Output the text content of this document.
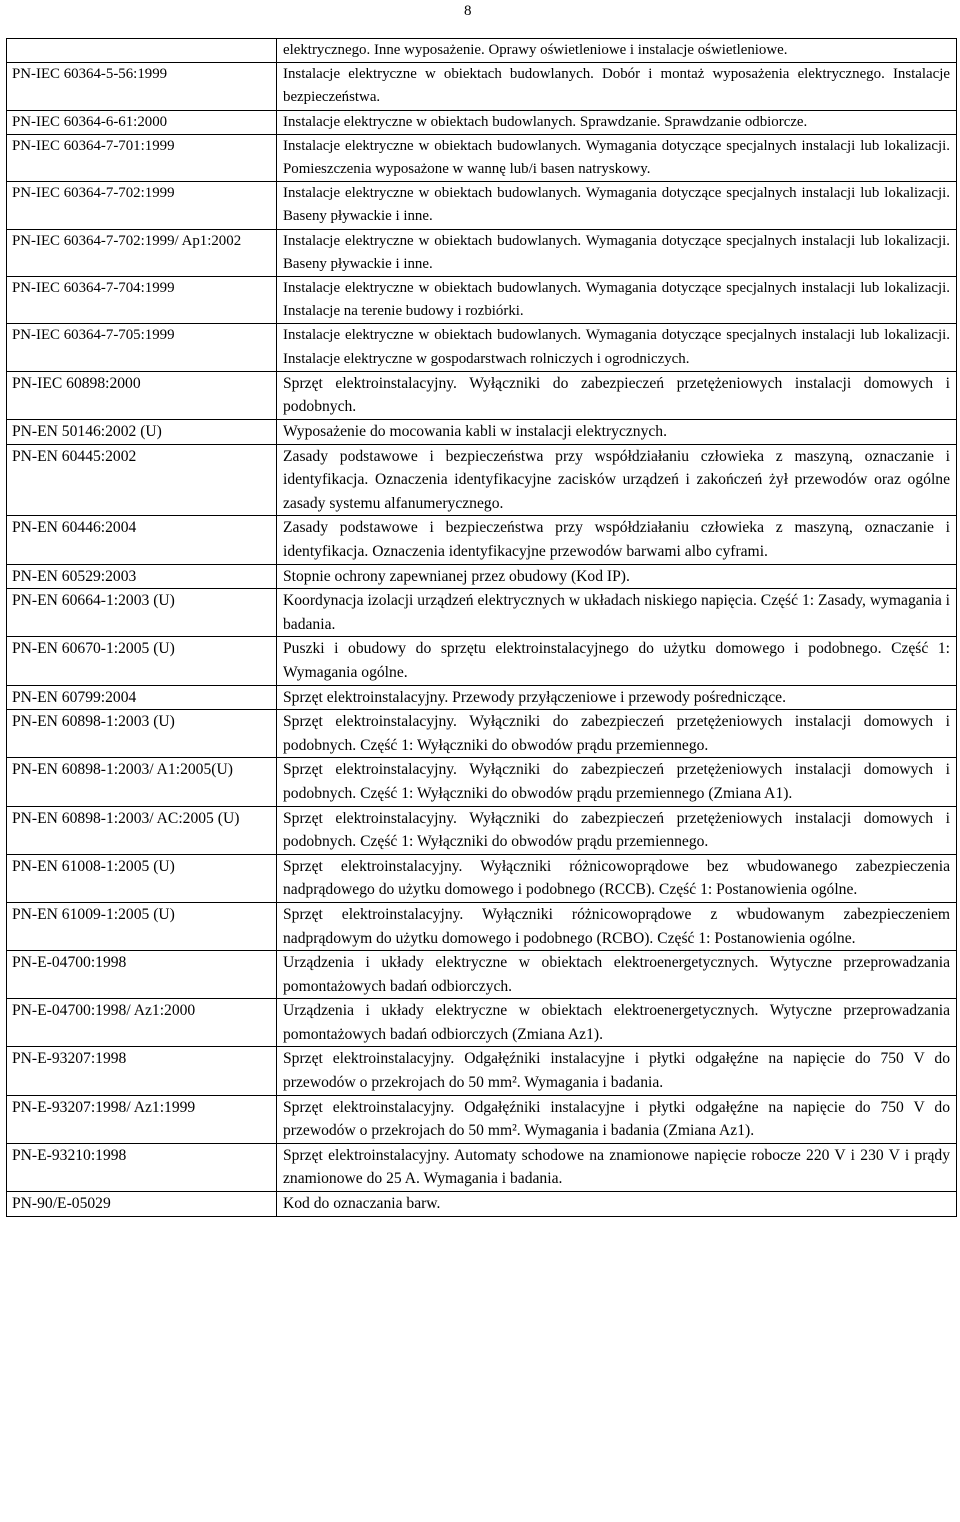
8
	elektrycznego. Inne wyposażenie. Oprawy oświetleniowe i instalacje oświetleniowe.
PN-IEC 60364-5-56:1999	Instalacje elektryczne w obiektach budowlanych. Dobór i montaż wyposażenia elektrycznego. Instalacje bezpieczeństwa.
PN-IEC 60364-6-61:2000	Instalacje elektryczne w obiektach budowlanych. Sprawdzanie. Sprawdzanie odbiorcze.
PN-IEC 60364-7-701:1999	Instalacje elektryczne w obiektach budowlanych. Wymagania dotyczące specjalnych instalacji lub lokalizacji. Pomieszczenia wyposażone w wannę lub/i basen natryskowy.
PN-IEC 60364-7-702:1999	Instalacje elektryczne w obiektach budowlanych. Wymagania dotyczące specjalnych instalacji lub lokalizacji. Baseny pływackie i inne.
PN-IEC 60364-7-702:1999/ Ap1:2002	Instalacje elektryczne w obiektach budowlanych. Wymagania dotyczące specjalnych instalacji lub lokalizacji. Baseny pływackie i inne.
PN-IEC 60364-7-704:1999	Instalacje elektryczne w obiektach budowlanych. Wymagania dotyczące specjalnych instalacji lub lokalizacji. Instalacje na terenie budowy i rozbiórki.
PN-IEC 60364-7-705:1999	Instalacje elektryczne w obiektach budowlanych. Wymagania dotyczące specjalnych instalacji lub lokalizacji. Instalacje elektryczne w gospodarstwach rolniczych i ogrodniczych.
PN-IEC 60898:2000	Sprzęt elektroinstalacyjny. Wyłączniki do zabezpieczeń przetężeniowych instalacji domowych i podobnych.
PN-EN 50146:2002 (U)	Wyposażenie do mocowania kabli w instalacji elektrycznych.
PN-EN 60445:2002	Zasady podstawowe i bezpieczeństwa przy współdziałaniu człowieka z maszyną, oznaczanie i identyfikacja. Oznaczenia identyfikacyjne zacisków urządzeń i zakończeń żył przewodów oraz ogólne zasady systemu alfanumerycznego.
PN-EN 60446:2004	Zasady podstawowe i bezpieczeństwa przy współdziałaniu człowieka z maszyną, oznaczanie i identyfikacja. Oznaczenia identyfikacyjne przewodów barwami albo cyframi.
PN-EN 60529:2003	Stopnie ochrony zapewnianej przez obudowy (Kod IP).
PN-EN 60664-1:2003 (U)	Koordynacja izolacji urządzeń elektrycznych w układach niskiego napięcia. Część 1: Zasady, wymagania i badania.
PN-EN 60670-1:2005 (U)	Puszki i obudowy do sprzętu elektroinstalacyjnego do użytku domowego i podobnego. Część 1: Wymagania ogólne.
PN-EN 60799:2004	Sprzęt elektroinstalacyjny. Przewody przyłączeniowe i przewody pośredniczące.
PN-EN 60898-1:2003 (U)	Sprzęt elektroinstalacyjny. Wyłączniki do zabezpieczeń przetężeniowych instalacji domowych i podobnych. Część 1: Wyłączniki do obwodów prądu przemiennego.
PN-EN 60898-1:2003/ A1:2005(U)	Sprzęt elektroinstalacyjny. Wyłączniki do zabezpieczeń przetężeniowych instalacji domowych i podobnych. Część 1: Wyłączniki do obwodów prądu przemiennego (Zmiana A1).
PN-EN 60898-1:2003/ AC:2005 (U)	Sprzęt elektroinstalacyjny. Wyłączniki do zabezpieczeń przetężeniowych instalacji domowych i podobnych. Część 1: Wyłączniki do obwodów prądu przemiennego.
PN-EN 61008-1:2005 (U)	Sprzęt elektroinstalacyjny. Wyłączniki różnicowoprądowe bez wbudowanego zabezpieczenia nadprądowego do użytku domowego i podobnego (RCCB). Część 1: Postanowienia ogólne.
PN-EN 61009-1:2005 (U)	Sprzęt elektroinstalacyjny. Wyłączniki różnicowoprądowe z wbudowanym zabezpieczeniem nadprądowym do użytku domowego i podobnego (RCBO). Część 1: Postanowienia ogólne.
PN-E-04700:1998	Urządzenia i układy elektryczne w obiektach elektroenergetycznych. Wytyczne przeprowadzania pomontażowych badań odbiorczych.
PN-E-04700:1998/ Az1:2000	Urządzenia i układy elektryczne w obiektach elektroenergetycznych. Wytyczne przeprowadzania pomontażowych badań odbiorczych (Zmiana Az1).
PN-E-93207:1998	Sprzęt elektroinstalacyjny. Odgałęźniki instalacyjne i płytki odgałęźne na napięcie do 750 V do przewodów o przekrojach do 50 mm². Wymagania i badania.
PN-E-93207:1998/ Az1:1999	Sprzęt elektroinstalacyjny. Odgałęźniki instalacyjne i płytki odgałęźne na napięcie do 750 V do przewodów o przekrojach do 50 mm². Wymagania i badania (Zmiana Az1).
PN-E-93210:1998	Sprzęt elektroinstalacyjny. Automaty schodowe na znamionowe napięcie robocze 220 V i 230 V i prądy znamionowe do 25 A. Wymagania i badania.
PN-90/E-05029	Kod do oznaczania barw.
